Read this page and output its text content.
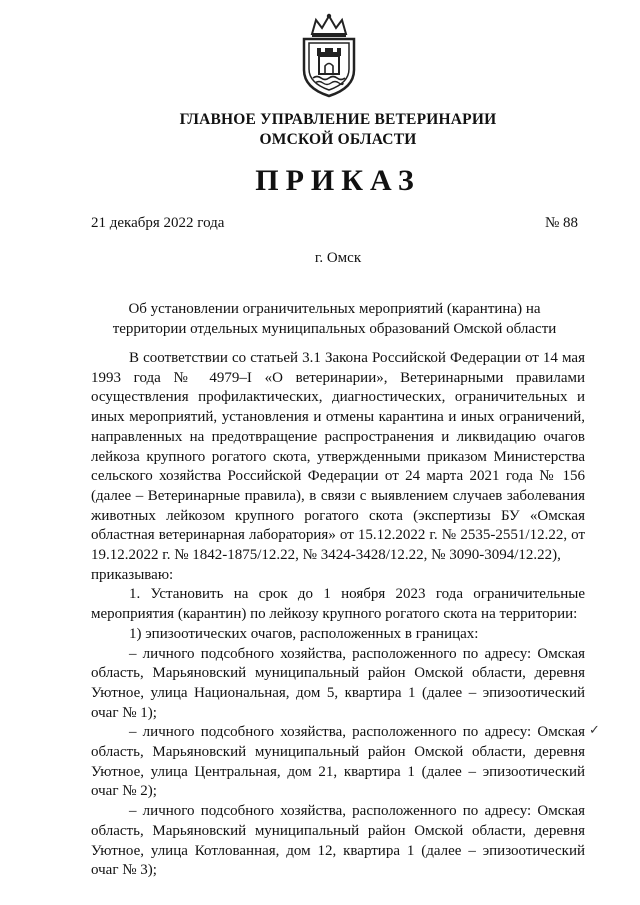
ГЛАВНОЕ УПРАВЛЕНИЕ ВЕТЕРИНАРИИ
ОМСКОЙ ОБЛАСТИ
ПРИКАЗ
21 декабря 2022 года	№ 88
г. Омск
Об установлении ограничительных мероприятий (карантина) на территории отдельных муниципальных образований Омской области

В соответствии со статьей 3.1 Закона Российской Федерации от 14 мая 1993 года № 4979–I «О ветеринарии», Ветеринарными правилами осуществления профилактических, диагностических, ограничительных и иных мероприятий, установления и отмены карантина и иных ограничений, направленных на предотвращение распространения и ликвидацию очагов лейкоза крупного рогатого скота, утвержденными приказом Министерства сельского хозяйства Российской Федерации от 24 марта 2021 года № 156 (далее – Ветеринарные правила), в связи с выявлением случаев заболевания животных лейкозом крупного рогатого скота (экспертизы БУ «Омская областная ветеринарная лаборатория» от 15.12.2022 г. № 2535-2551/12.22, от 19.12.2022 г. № 1842-1875/12.22, № 3424-3428/12.22, № 3090-3094/12.22),

приказываю:

1. Установить на срок до 1 ноября 2023 года ограничительные мероприятия (карантин) по лейкозу крупного рогатого скота на территории:

1) эпизоотических очагов, расположенных в границах:

– личного подсобного хозяйства, расположенного по адресу: Омская область, Марьяновский муниципальный район Омской области, деревня Уютное, улица Национальная, дом 5, квартира 1 (далее – эпизоотический очаг № 1);

– личного подсобного хозяйства, расположенного по адресу: Омская область, Марьяновский муниципальный район Омской области, деревня Уютное, улица Центральная, дом 21, квартира 1 (далее – эпизоотический очаг № 2);

– личного подсобного хозяйства, расположенного по адресу: Омская область, Марьяновский муниципальный район Омской области, деревня Уютное, улица Котлованная, дом 12, квартира 1 (далее – эпизоотический очаг № 3);

✓
